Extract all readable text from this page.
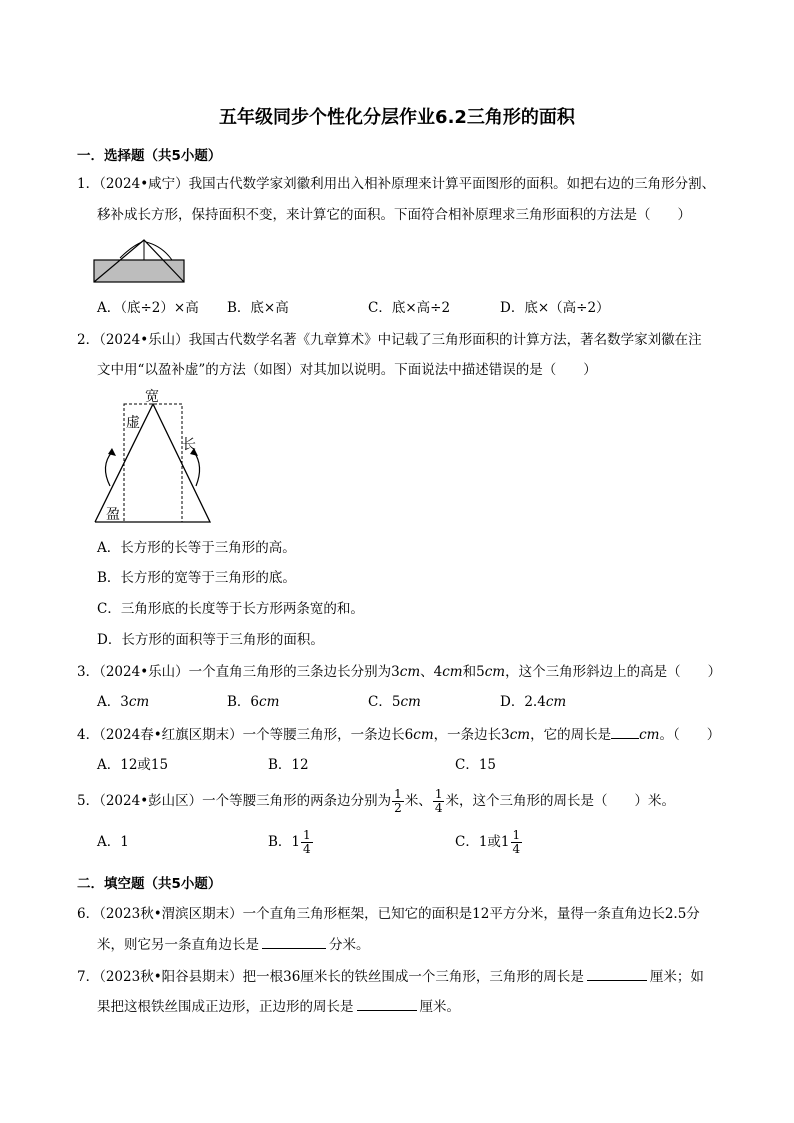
五年级同步个性化分层作业6.2三角形的面积
一．选择题（共5小题）
1．（2024•咸宁）我国古代数学家刘徽利用出入相补原理来计算平面图形的面积。如把右边的三角形分割、
移补成长方形，保持面积不变，来计算它的面积。下面符合相补原理求三角形面积的方法是（　　）
A．（底÷2）×高 B．底×高	C．底×高÷2	D．底×（高÷2）
2．（2024•乐山）我国古代数学名著《九章算术》中记载了三角形面积的计算方法，著名数学家刘徽在注
文中用“以盈补虚”的方法（如图）对其加以说明。下面说法中描述错误的是（　　）
宽
虚
长
盈
A．长方形的长等于三角形的高。
B．长方形的宽等于三角形的底。
C．三角形底的长度等于长方形两条宽的和。
D．长方形的面积等于三角形的面积。
3．（2024•乐山）一个直角三角形的三条边长分别为3cm、4cm和5cm，这个三角形斜边上的高是（　　）
A．3cm	B．6cm	C．5cm	D．2.4cm
4．（2024春•红旗区期末）一个等腰三角形，一条边长6cm，一条边长3cm，它的周长是 cm。（　　）
A．12或15	B．12	C．15
5．（2024•彭山区）一个等腰三角形的两条边分别为 $\frac{1}{2}$ 米、 $\frac{1}{4}$ 米，这个三角形的周长是（　　）米。
A．1	B．$1 \frac{1}{4}$	C．1或$1 \frac{1}{4}$
二．填空题（共5小题）
6．（2023秋•渭滨区期末）一个直角三角形框架，已知它的面积是12平方分米，量得一条直角边长2.5分
米，则它另一条直角边长是	分米。
7．（2023秋•阳谷县期末）把一根36厘米长的铁丝围成一个三角形，三角形的周长是	厘米；如
果把这根铁丝围成正边形，正边形的周长是	厘米。
